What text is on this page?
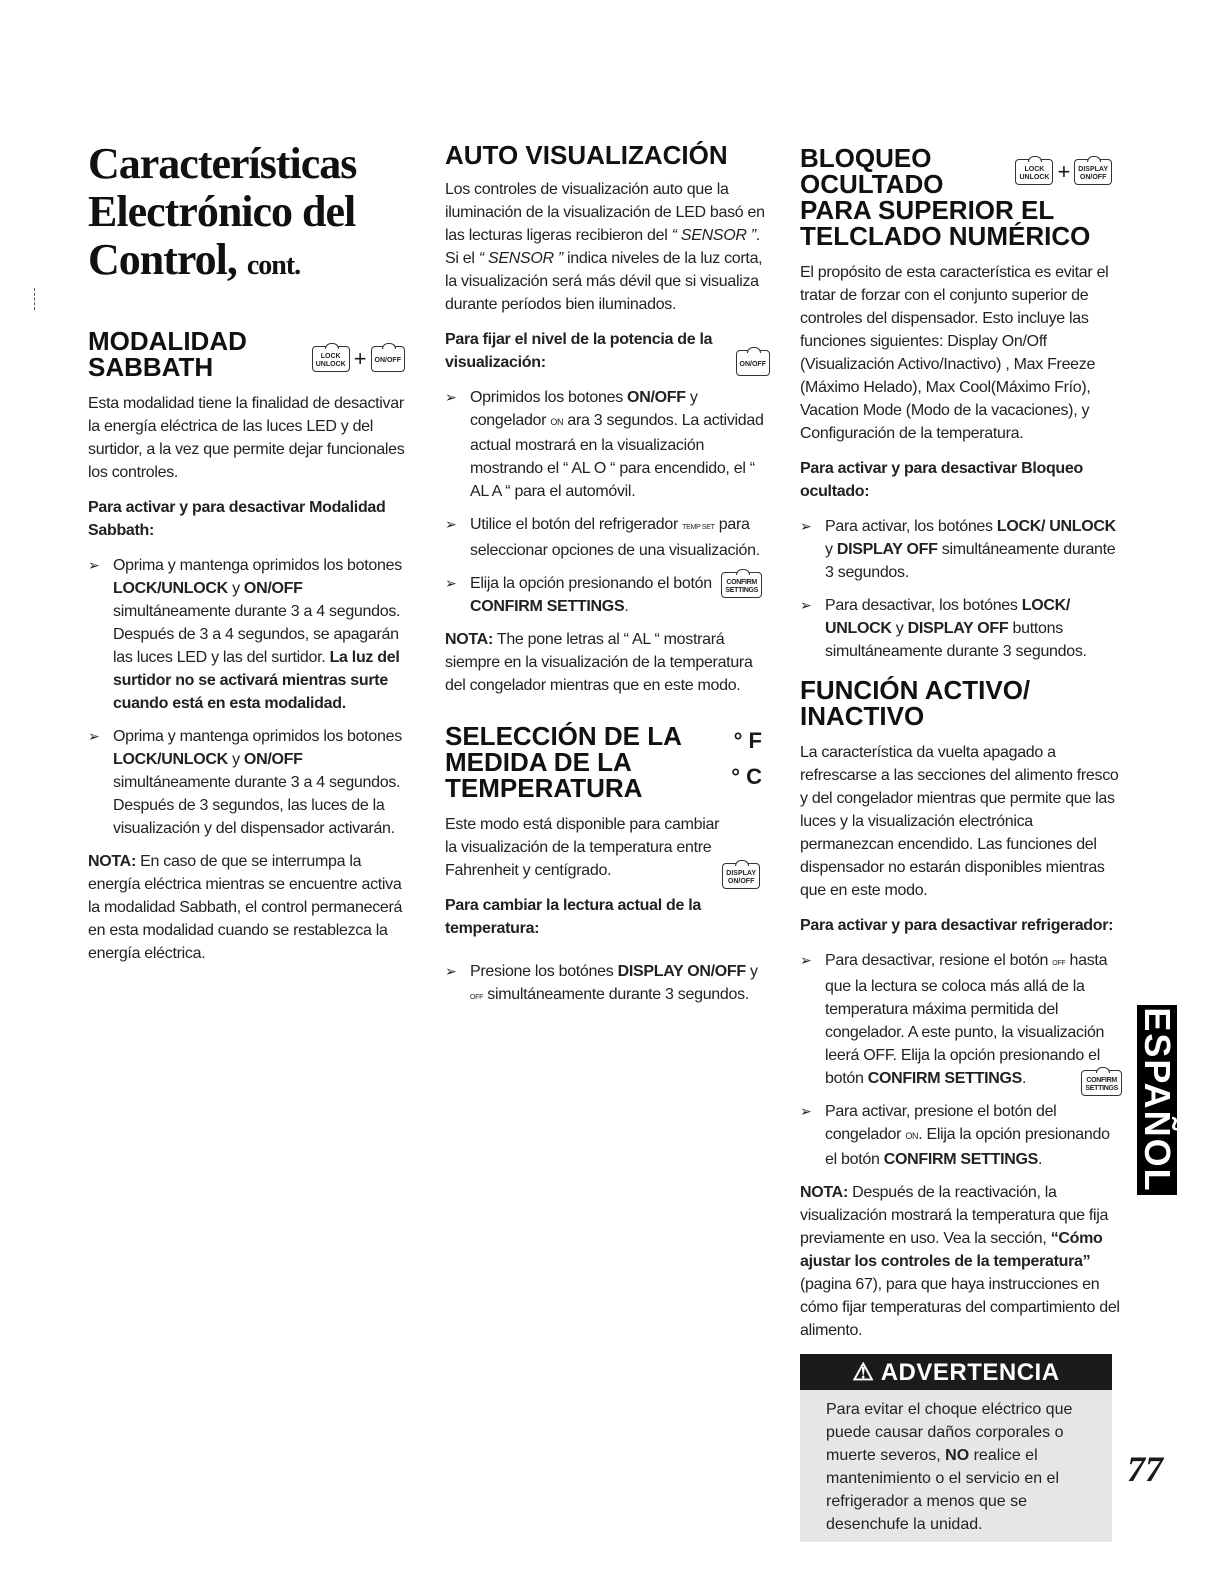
Características
Electrónico del
Control, cont.
MODALIDAD
SABBATH	LOCK
UNLOCK +	ON/OFF

Esta modalidad tiene la finalidad de desactivar la energía eléctrica de las luces LED y del surtidor, a la vez que permite dejar funcionales los controles.

Para activar y para desactivar Modalidad Sabbath:

➢ Oprima y mantenga oprimidos los botones LOCK/UNLOCK y ON/OFF simultáneamente durante 3 a 4 segundos. Después de 3 a 4 segundos, se apagarán las luces LED y las del surtidor. La luz del surtidor no se activará mientras surte cuando está en esta modalidad.
➢ Oprima y mantenga oprimidos los botones LOCK/UNLOCK y ON/OFF simultáneamente durante 3 a 4 segundos. Después de 3 segundos, las luces de la visualización y del dispensador activarán.

NOTA: En caso de que se interrumpa la energía eléctrica mientras se encuentre activa la modalidad Sabbath, el control permanecerá en esta modalidad cuando se restablezca la energía eléctrica.

AUTO VISUALIZACIÓN

Los controles de visualización auto que la iluminación de la visualización de LED basó en las lecturas ligeras recibieron del “ SENSOR ”. Si el “ SENSOR ” indica niveles de la luz corta, la visualización será más dévil que si visualiza durante períodos bien iluminados.

Para fijar el nivel de la potencia de la visualización:	ON/OFF
➢ Oprimidos los botones ON/OFF y congelador ON ara 3 segundos. La actividad actual mostrará en la visualización mostrando el “ AL O “ para encendido, el “ AL A “ para el automóvil.
➢ Utilice el botón del refrigerador TEMP SET para seleccionar opciones de una visualización.
➢ Elija la opción presionando el botón CONFIRM SETTINGS.
CONFIRM
SETTINGS

NOTA: The pone letras al “ AL “ mostrará siempre en la visualización de la temperatura del congelador mientras que en este modo.

SELECCIÓN DE LA
MEDIDA DE LA
TEMPERATURA
° F
° C

Este modo está disponible para cambiar la visualización de la temperatura entre Fahrenheit y centígrado.	DISPLAY
ON/OFF

Para cambiar la lectura actual de la temperatura:

➢ Presione los botónes DISPLAY ON/OFF y OFF simultáneamente durante 3 segundos.
BLOQUEO
OCULTADO	LOCK
UNLOCK +	DISPLAY
ON/OFF
PARA SUPERIOR EL
TELCLADO NUMÉRICO

El propósito de esta característica es evitar el tratar de forzar con el conjunto superior de controles del dispensador. Esto incluye las funciones siguientes: Display On/Off (Visualización Activo/Inactivo) , Max Freeze (Máximo Helado), Max Cool(Máximo Frío), Vacation Mode (Modo de la vacaciones), y Configuración de la temperatura.

Para activar y para desactivar Bloqueo ocultado:

➢ Para activar, los botónes LOCK/ UNLOCK y DISPLAY OFF simultáneamente durante 3 segundos.
➢ Para desactivar, los botónes LOCK/ UNLOCK y DISPLAY OFF buttons simultáneamente durante 3 segundos.
FUNCIÓN ACTIVO/
INACTIVO

La característica da vuelta apagado a refrescarse a las secciones del alimento fresco y del congelador mientras que permite que las luces y la visualización electrónica permanezcan encendido. Las funciones del dispensador no estarán disponibles mientras que en este modo.

Para activar y para desactivar refrigerador:

➢ Para desactivar, resione el botón OFF hasta que la lectura se coloca más allá de la temperatura máxima permitida del congelador. A este punto, la visualización leerá OFF. Elija la opción presionando el botón CONFIRM SETTINGS.	CONFIRM
SETTINGS
➢ Para activar, presione el botón del congelador ON. Elija la opción presionando el botón CONFIRM SETTINGS.

NOTA: Después de la reactivación, la visualización mostrará la temperatura que fija previamente en uso. Vea la sección, “Cómo ajustar los controles de la temperatura” (pagina 67), para que haya instrucciones en cómo fijar temperaturas del compartimiento del alimento.

⚠ ADVERTENCIA
Para evitar el choque eléctrico que puede causar daños corporales o muerte severos, NO realice el mantenimiento o el servicio en el refrigerador a menos que se desenchufe la unidad.
ESPAÑOL
77
